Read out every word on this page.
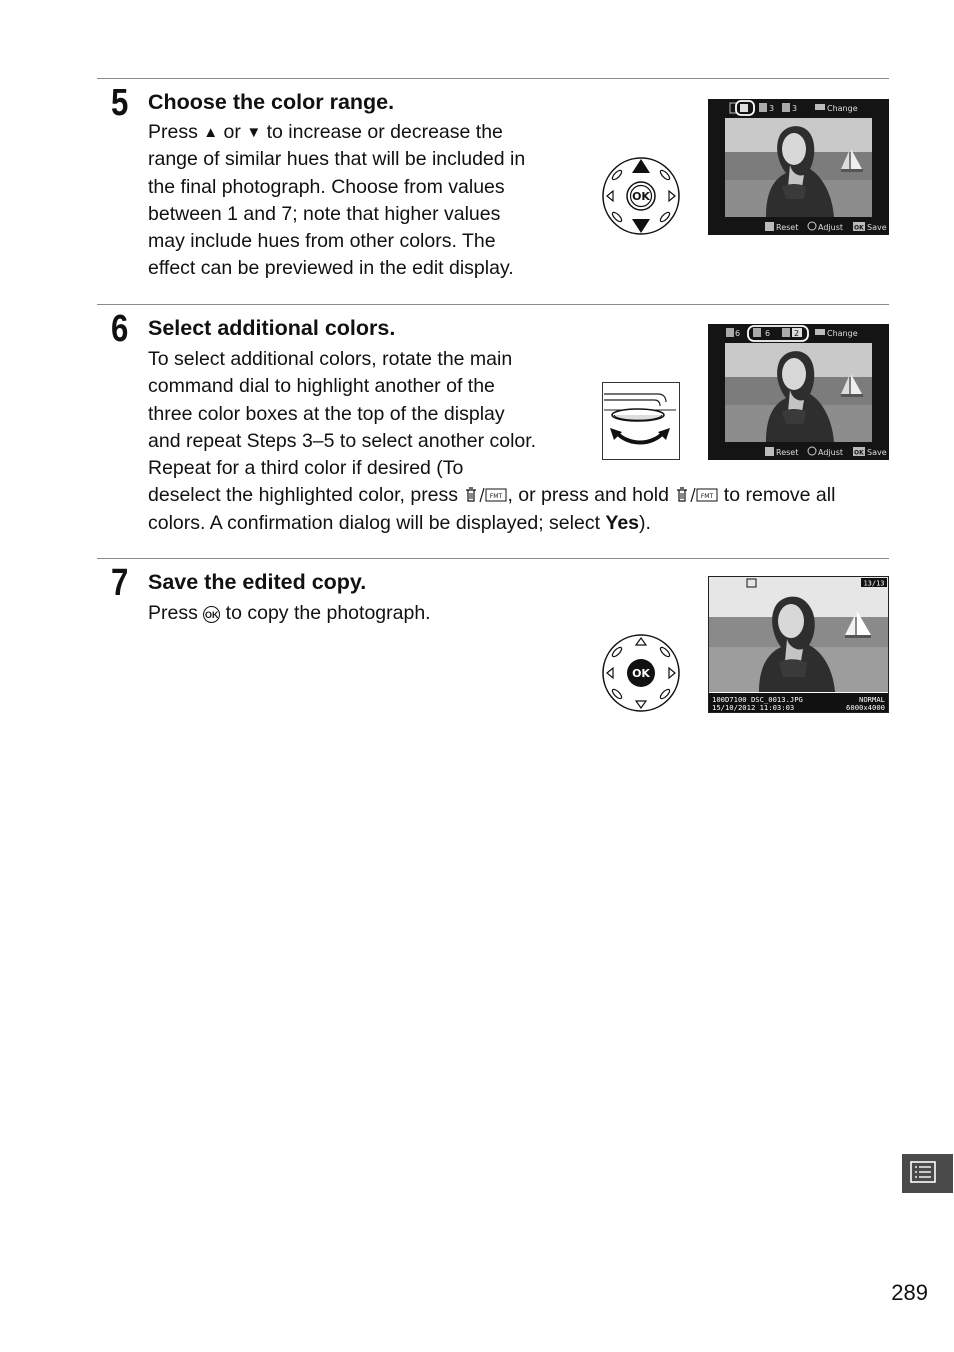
5 Choose the color range.

Press ▲ or ▼ to increase or decrease the

range of similar hues that will be included in

the final photograph. Choose from values

between 1 and 7; note that higher values

may include hues from other colors. The

effect can be previewed in the edit display.

OK
3 3	Change
Reset Adjust OK Save
6 Select additional colors.

To select additional colors, rotate the main

command dial to highlight another of the

three color boxes at the top of the display

and repeat Steps 3–5 to select another color.

Repeat for a third color if desired (To

deselect the highlighted color, press	FMT , or press and hold	FMT to remove all

colors. A confirmation dialog will be displayed; select Yes).

6	6	2	Change
Reset Adjust OK Save
7 Save the edited copy.

Press OK to copy the photograph.

OK
13/13
100D7100 DSC_0013.JPG	NORMAL
15/10/2012 11:03:03	6000x4000
289
